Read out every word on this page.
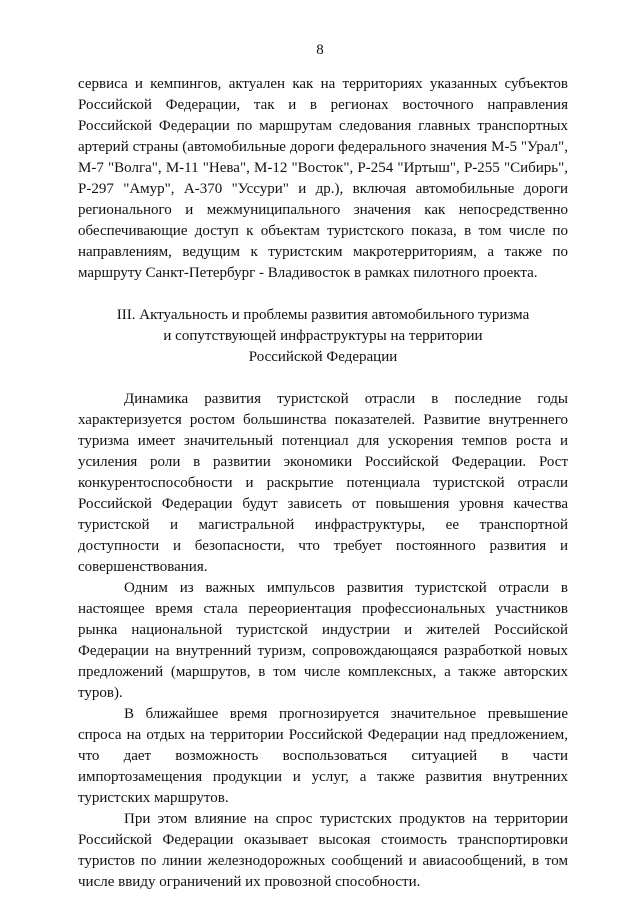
8

сервиса и кемпингов, актуален как на территориях указанных субъектов Российской Федерации, так и в регионах восточного направления Российской Федерации по маршрутам следования главных транспортных артерий страны (автомобильные дороги федерального значения М-5 "Урал", М-7 "Волга", М-11 "Нева", М-12 "Восток", Р-254 "Иртыш", Р-255 "Сибирь", Р-297 "Амур", А-370 "Уссури" и др.), включая автомобильные дороги регионального и межмуниципального значения как непосредственно обеспечивающие доступ к объектам туристского показа, в том числе по направлениям, ведущим к туристским макротерриториям, а также по маршруту Санкт-Петербург - Владивосток в рамках пилотного проекта.

III. Актуальность и проблемы развития автомобильного туризма
и сопутствующей инфраструктуры на территории
Российской Федерации

Динамика развития туристской отрасли в последние годы характеризуется ростом большинства показателей. Развитие внутреннего туризма имеет значительный потенциал для ускорения темпов роста и усиления роли в развитии экономики Российской Федерации. Рост конкурентоспособности и раскрытие потенциала туристской отрасли Российской Федерации будут зависеть от повышения уровня качества туристской и магистральной инфраструктуры, ее транспортной доступности и безопасности, что требует постоянного развития и совершенствования.

Одним из важных импульсов развития туристской отрасли в настоящее время стала переориентация профессиональных участников рынка национальной туристской индустрии и жителей Российской Федерации на внутренний туризм, сопровождающаяся разработкой новых предложений (маршрутов, в том числе комплексных, а также авторских туров).

В ближайшее время прогнозируется значительное превышение спроса на отдых на территории Российской Федерации над предложением, что дает возможность воспользоваться ситуацией в части импортозамещения продукции и услуг, а также развития внутренних туристских маршрутов.

При этом влияние на спрос туристских продуктов на территории Российской Федерации оказывает высокая стоимость транспортировки туристов по линии железнодорожных сообщений и авиасообщений, в том числе ввиду ограничений их провозной способности.
